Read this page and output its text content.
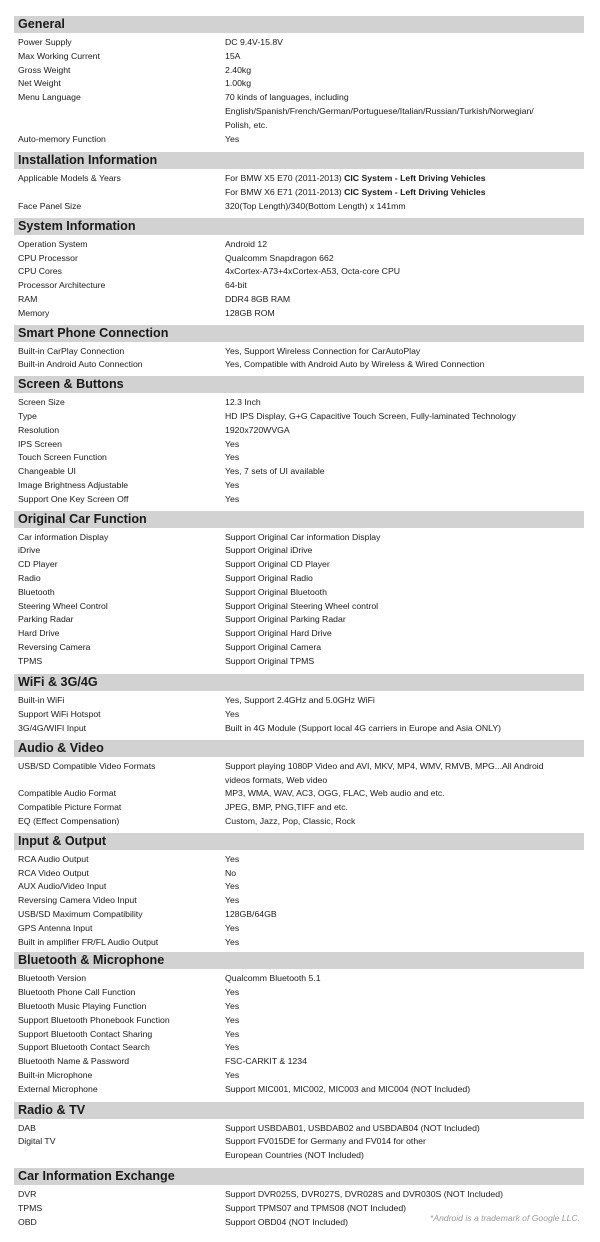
General
Power Supply	DC 9.4V-15.8V
Max Working Current	15A
Gross Weight	2.40kg
Net Weight	1.00kg
Menu Language	70 kinds of languages, including
English/Spanish/French/German/Portuguese/Italian/Russian/Turkish/Norwegian/
Polish, etc.
Auto-memory Function	Yes
Installation Information
Applicable Models & Years	For BMW X5 E70 (2011-2013) CIC System - Left Driving Vehicles
For BMW X6 E71 (2011-2013) CIC System - Left Driving Vehicles
Face Panel Size	320(Top Length)/340(Bottom Length) x 141mm
System Information
Operation System	Android 12
CPU Processor	Qualcomm Snapdragon 662
CPU Cores	4xCortex-A73+4xCortex-A53, Octa-core CPU
Processor Architecture	64-bit
RAM	DDR4 8GB RAM
Memory	128GB ROM
Smart Phone Connection
Built-in CarPlay Connection	Yes, Support Wireless Connection for CarAutoPlay
Built-in Android Auto Connection	Yes, Compatible with Android Auto by Wireless & Wired Connection
Screen & Buttons
Screen Size	12.3 Inch
Type	HD IPS Display, G+G Capacitive Touch Screen, Fully-laminated Technology
Resolution	1920x720WVGA
IPS Screen	Yes
Touch Screen Function	Yes
Changeable UI	Yes, 7 sets of UI available
Image Brightness Adjustable	Yes
Support One Key Screen Off	Yes
Original Car Function
Car information Display	Support Original Car information Display
iDrive	Support Original iDrive
CD Player	Support Original CD Player
Radio	Support Original Radio
Bluetooth	Support Original Bluetooth
Steering Wheel Control	Support Original Steering Wheel control
Parking Radar	Support Original Parking Radar
Hard Drive	Support Original Hard Drive
Reversing Camera	Support Original Camera
TPMS	Support Original TPMS
WiFi & 3G/4G
Built-in WiFi	Yes, Support 2.4GHz and 5.0GHz WiFi
Support WiFi Hotspot	Yes
3G/4G/WIFI Input	Built in 4G Module (Support local 4G carriers in Europe and Asia ONLY)
Audio & Video
USB/SD Compatible Video Formats	Support playing 1080P Video and AVI, MKV, MP4, WMV, RMVB, MPG...All Android
videos formats, Web video
Compatible Audio Format	MP3, WMA, WAV, AC3, OGG, FLAC, Web audio and etc.
Compatible Picture Format	JPEG, BMP, PNG,TIFF and etc.
EQ (Effect Compensation)	Custom, Jazz, Pop, Classic, Rock
Input & Output
RCA Audio Output	Yes
RCA Video Output	No
AUX Audio/Video Input	Yes
Reversing Camera Video Input	Yes
USB/SD Maximum Compatibility	128GB/64GB
GPS Antenna Input	Yes
Built in amplifier FR/FL Audio Output	Yes
Bluetooth & Microphone
Bluetooth Version	Qualcomm Bluetooth 5.1
Bluetooth Phone Call Function	Yes
Bluetooth Music Playing Function	Yes
Support Bluetooth Phonebook Function	Yes
Support Bluetooth Contact Sharing	Yes
Support Bluetooth Contact Search	Yes
Bluetooth Name & Password	FSC-CARKIT & 1234
Built-in Microphone	Yes
External Microphone	Support MIC001, MIC002, MIC003 and MIC004 (NOT Included)
Radio & TV
DAB	Support USBDAB01, USBDAB02 and USBDAB04 (NOT Included)
Digital TV	Support FV015DE for Germany and FV014 for other
European Countries (NOT Included)
Car Information Exchange
DVR	Support DVR025S, DVR027S, DVR028S and DVR030S (NOT Included)
TPMS	Support TPMS07 and TPMS08 (NOT Included)
OBD	Support OBD04 (NOT Included)	*Android is a trademark of Google LLC.
